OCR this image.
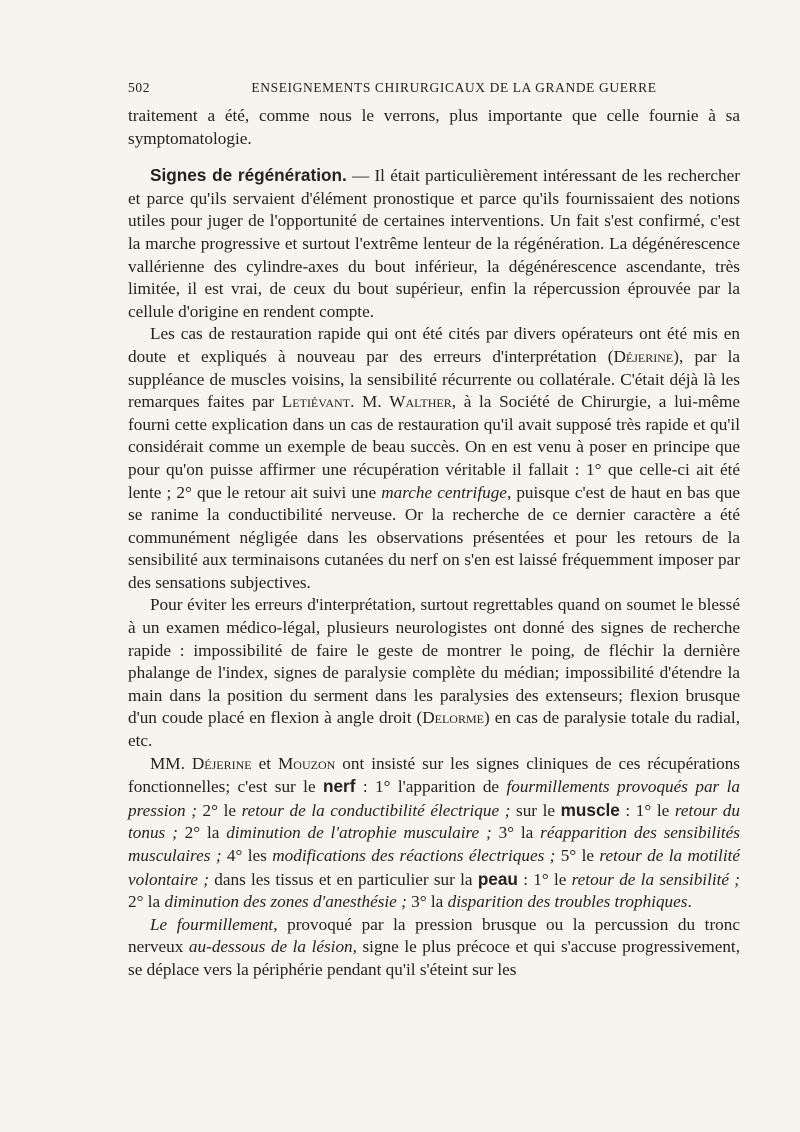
502	ENSEIGNEMENTS CHIRURGICAUX DE LA GRANDE GUERRE

traitement a été, comme nous le verrons, plus importante que celle fournie à sa symptomatologie.

Signes de régénération. — Il était particulièrement intéressant de les rechercher et parce qu'ils servaient d'élément pronostique et parce qu'ils fournissaient des notions utiles pour juger de l'opportunité de certaines interventions. Un fait s'est confirmé, c'est la marche progressive et surtout l'extrême lenteur de la régénération. La dégénérescence vallérienne des cylindre-axes du bout inférieur, la dégénérescence ascendante, très limitée, il est vrai, de ceux du bout supérieur, enfin la répercussion éprouvée par la cellule d'origine en rendent compte.

Les cas de restauration rapide qui ont été cités par divers opérateurs ont été mis en doute et expliqués à nouveau par des erreurs d'interprétation (Déjerine), par la suppléance de muscles voisins, la sensibilité récurrente ou collatérale. C'était déjà là les remarques faites par Letiévant. M. Walther, à la Société de Chirurgie, a lui-même fourni cette explication dans un cas de restauration qu'il avait supposé très rapide et qu'il considérait comme un exemple de beau succès. On en est venu à poser en principe que pour qu'on puisse affirmer une récupération véritable il fallait : 1° que celle-ci ait été lente ; 2° que le retour ait suivi une marche centrifuge, puisque c'est de haut en bas que se ranime la conductibilité nerveuse. Or la recherche de ce dernier caractère a été communément négligée dans les observations présentées et pour les retours de la sensibilité aux terminaisons cutanées du nerf on s'en est laissé fréquemment imposer par des sensations subjectives.

Pour éviter les erreurs d'interprétation, surtout regrettables quand on soumet le blessé à un examen médico-légal, plusieurs neurologistes ont donné des signes de recherche rapide : impossibilité de faire le geste de montrer le poing, de fléchir la dernière phalange de l'index, signes de paralysie complète du médian; impossibilité d'étendre la main dans la position du serment dans les paralysies des extenseurs; flexion brusque d'un coude placé en flexion à angle droit (Delorme) en cas de paralysie totale du radial, etc.

MM. Déjerine et Mouzon ont insisté sur les signes cliniques de ces récupérations fonctionnelles; c'est sur le nerf : 1° l'apparition de fourmillements provoqués par la pression ; 2° le retour de la conductibilité électrique ; sur le muscle : 1° le retour du tonus ; 2° la diminution de l'atrophie musculaire ; 3° la réapparition des sensibilités musculaires ; 4° les modifications des réactions électriques ; 5° le retour de la motilité volontaire ; dans les tissus et en particulier sur la peau : 1° le retour de la sensibilité ; 2° la diminution des zones d'anesthésie ; 3° la disparition des troubles trophiques.

Le fourmillement, provoqué par la pression brusque ou la percussion du tronc nerveux au-dessous de la lésion, signe le plus précoce et qui s'accuse progressivement, se déplace vers la périphérie pendant qu'il s'éteint sur les
